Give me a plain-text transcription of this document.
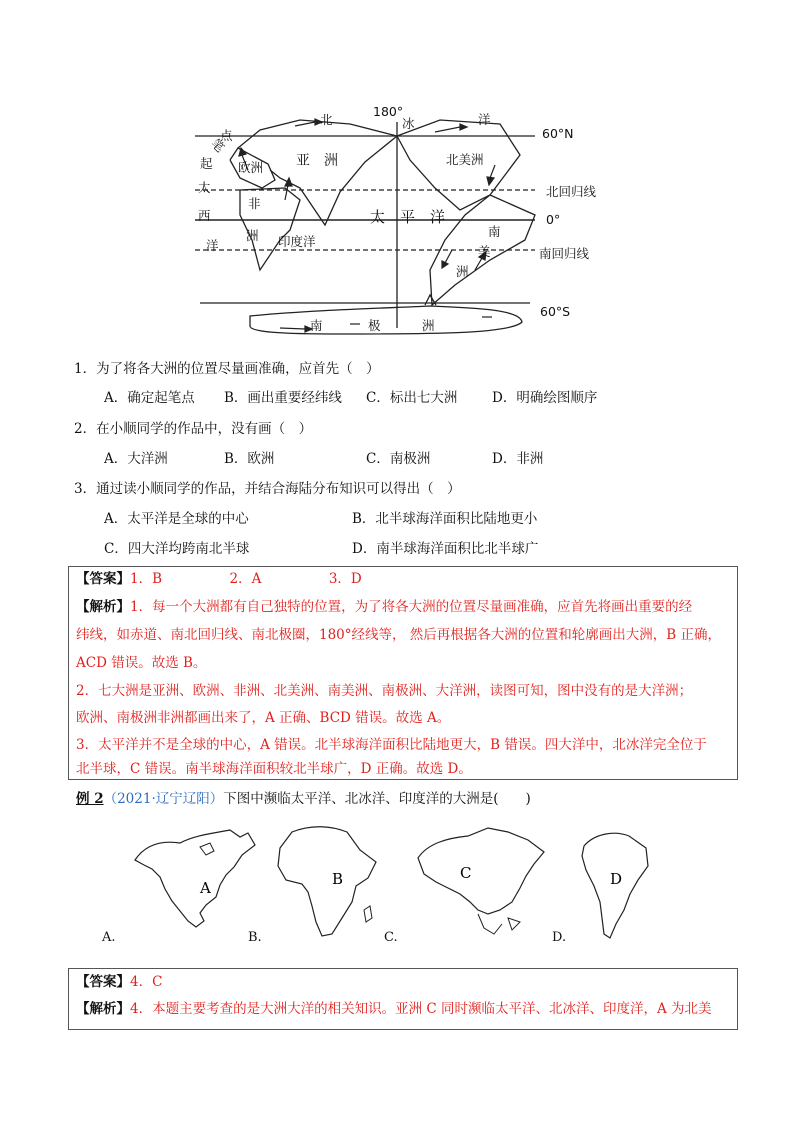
180°
北	冰	洋
60°N
笔
点
起 欧洲 亚　洲	北美洲
太
非
北回归线
西	太　平　洋	0°
洲 印度洋
南
洋	美	南回归线
洲
60°S
南	极	洲
1．为了将各大洲的位置尽量画准确，应首先（　）
A．确定起笔点 B．画出重要经纬线 C．标出七大洲	D．明确绘图顺序
2．在小顺同学的作品中，没有画（　）
A．大洋洲	B．欧洲	C．南极洲	D．非洲
3．通过读小顺同学的作品，并结合海陆分布知识可以得出（　）
A．太平洋是全球的中心	B．北半球海洋面积比陆地更小
C．四大洋均跨南北半球	D．南半球海洋面积比北半球广
【答案】1．B　　　　　2．A　　　　　3．D
【解析】1．每一个大洲都有自己独特的位置，为了将各大洲的位置尽量画准确，应首先将画出重要的经
纬线，如赤道、南北回归线、南北极圈，180°经线等， 然后再根据各大洲的位置和轮廓画出大洲，B 正确，
ACD 错误。故选 B。
2．七大洲是亚洲、欧洲、非洲、北美洲、南美洲、南极洲、大洋洲，读图可知，图中没有的是大洋洲；
欧洲、南极洲非洲都画出来了，A 正确、BCD 错误。故选 A。
3．太平洋并不是全球的中心，A 错误。北半球海洋面积比陆地更大，B 错误。四大洋中，北冰洋完全位于
北半球，C 错误。南半球海洋面积较北半球广，D 正确。故选 D。
例 2（2021·辽宁辽阳）下图中濒临太平洋、北冰洋、印度洋的大洲是(　　)
A	B	C	D
A.	B.	C.	D.
【答案】4．C
【解析】4．本题主要考查的是大洲大洋的相关知识。亚洲 C 同时濒临太平洋、北冰洋、印度洋，A 为北美
